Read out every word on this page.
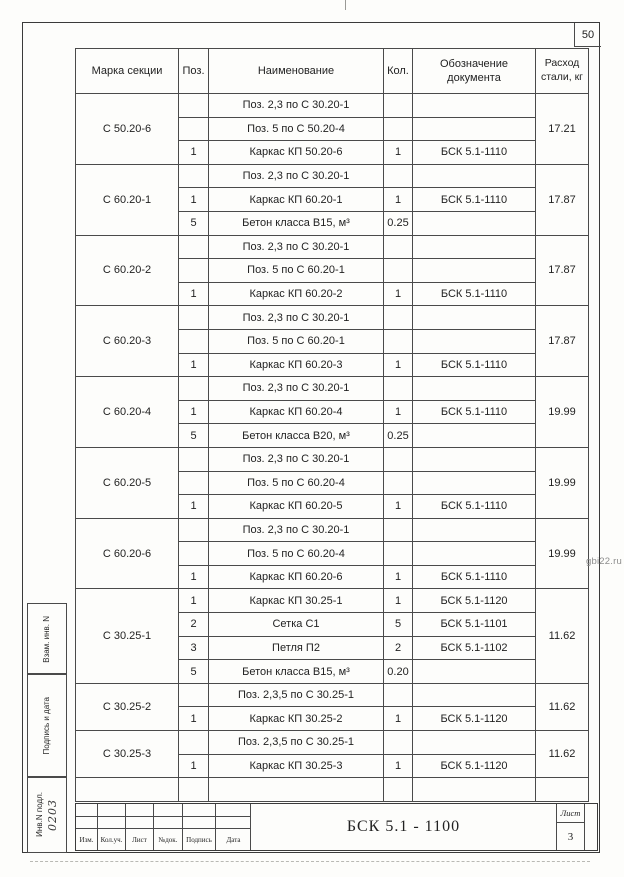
50
Марка секции	Поз.	Наименование	Кол.	Обозначение документа	Расход стали, кг
С 50.20-6		Поз. 2,3 по С 30.20-1			17.21
		Поз. 5 по С 50.20-4			
	1	Каркас КП 50.20-6	1	БСК 5.1-1110	
С 60.20-1		Поз. 2,3 по С 30.20-1			17.87
	1	Каркас КП 60.20-1	1	БСК 5.1-1110	
	5	Бетон класса В15, м³	0.25		
С 60.20-2		Поз. 2,3 по С 30.20-1			17.87
		Поз. 5 по С 60.20-1			
	1	Каркас КП 60.20-2	1	БСК 5.1-1110	
С 60.20-3		Поз. 2,3 по С 30.20-1			17.87
		Поз. 5 по С 60.20-1			
	1	Каркас КП 60.20-3	1	БСК 5.1-1110	
С 60.20-4		Поз. 2,3 по С 30.20-1			19.99
	1	Каркас КП 60.20-4	1	БСК 5.1-1110	
	5	Бетон класса В20, м³	0.25		
С 60.20-5		Поз. 2,3 по С 30.20-1			19.99
		Поз. 5 по С 60.20-4			
	1	Каркас КП 60.20-5	1	БСК 5.1-1110	
С 60.20-6		Поз. 2,3 по С 30.20-1			19.99
		Поз. 5 по С 60.20-4			
	1	Каркас КП 60.20-6	1	БСК 5.1-1110	
С 30.25-1	1	Каркас КП 30.25-1	1	БСК 5.1-1120	11.62
	2	Сетка С1	5	БСК 5.1-1101	
	3	Петля П2	2	БСК 5.1-1102	
	5	Бетон класса В15, м³	0.20		
С 30.25-2		Поз. 2,3,5 по С 30.25-1			11.62
	1	Каркас КП 30.25-2	1	БСК 5.1-1120	
С 30.25-3		Поз. 2,3,5 по С 30.25-1			11.62
	1	Каркас КП 30.25-3	1	БСК 5.1-1120	

gbi22.ru
Взам. инв. N
Подпись и дата
Инв.N подл. 0203
Изм.	Кол.уч.	Лист	№док.	Подпись	Дата
БСК 5.1 - 1100
Лист
3
